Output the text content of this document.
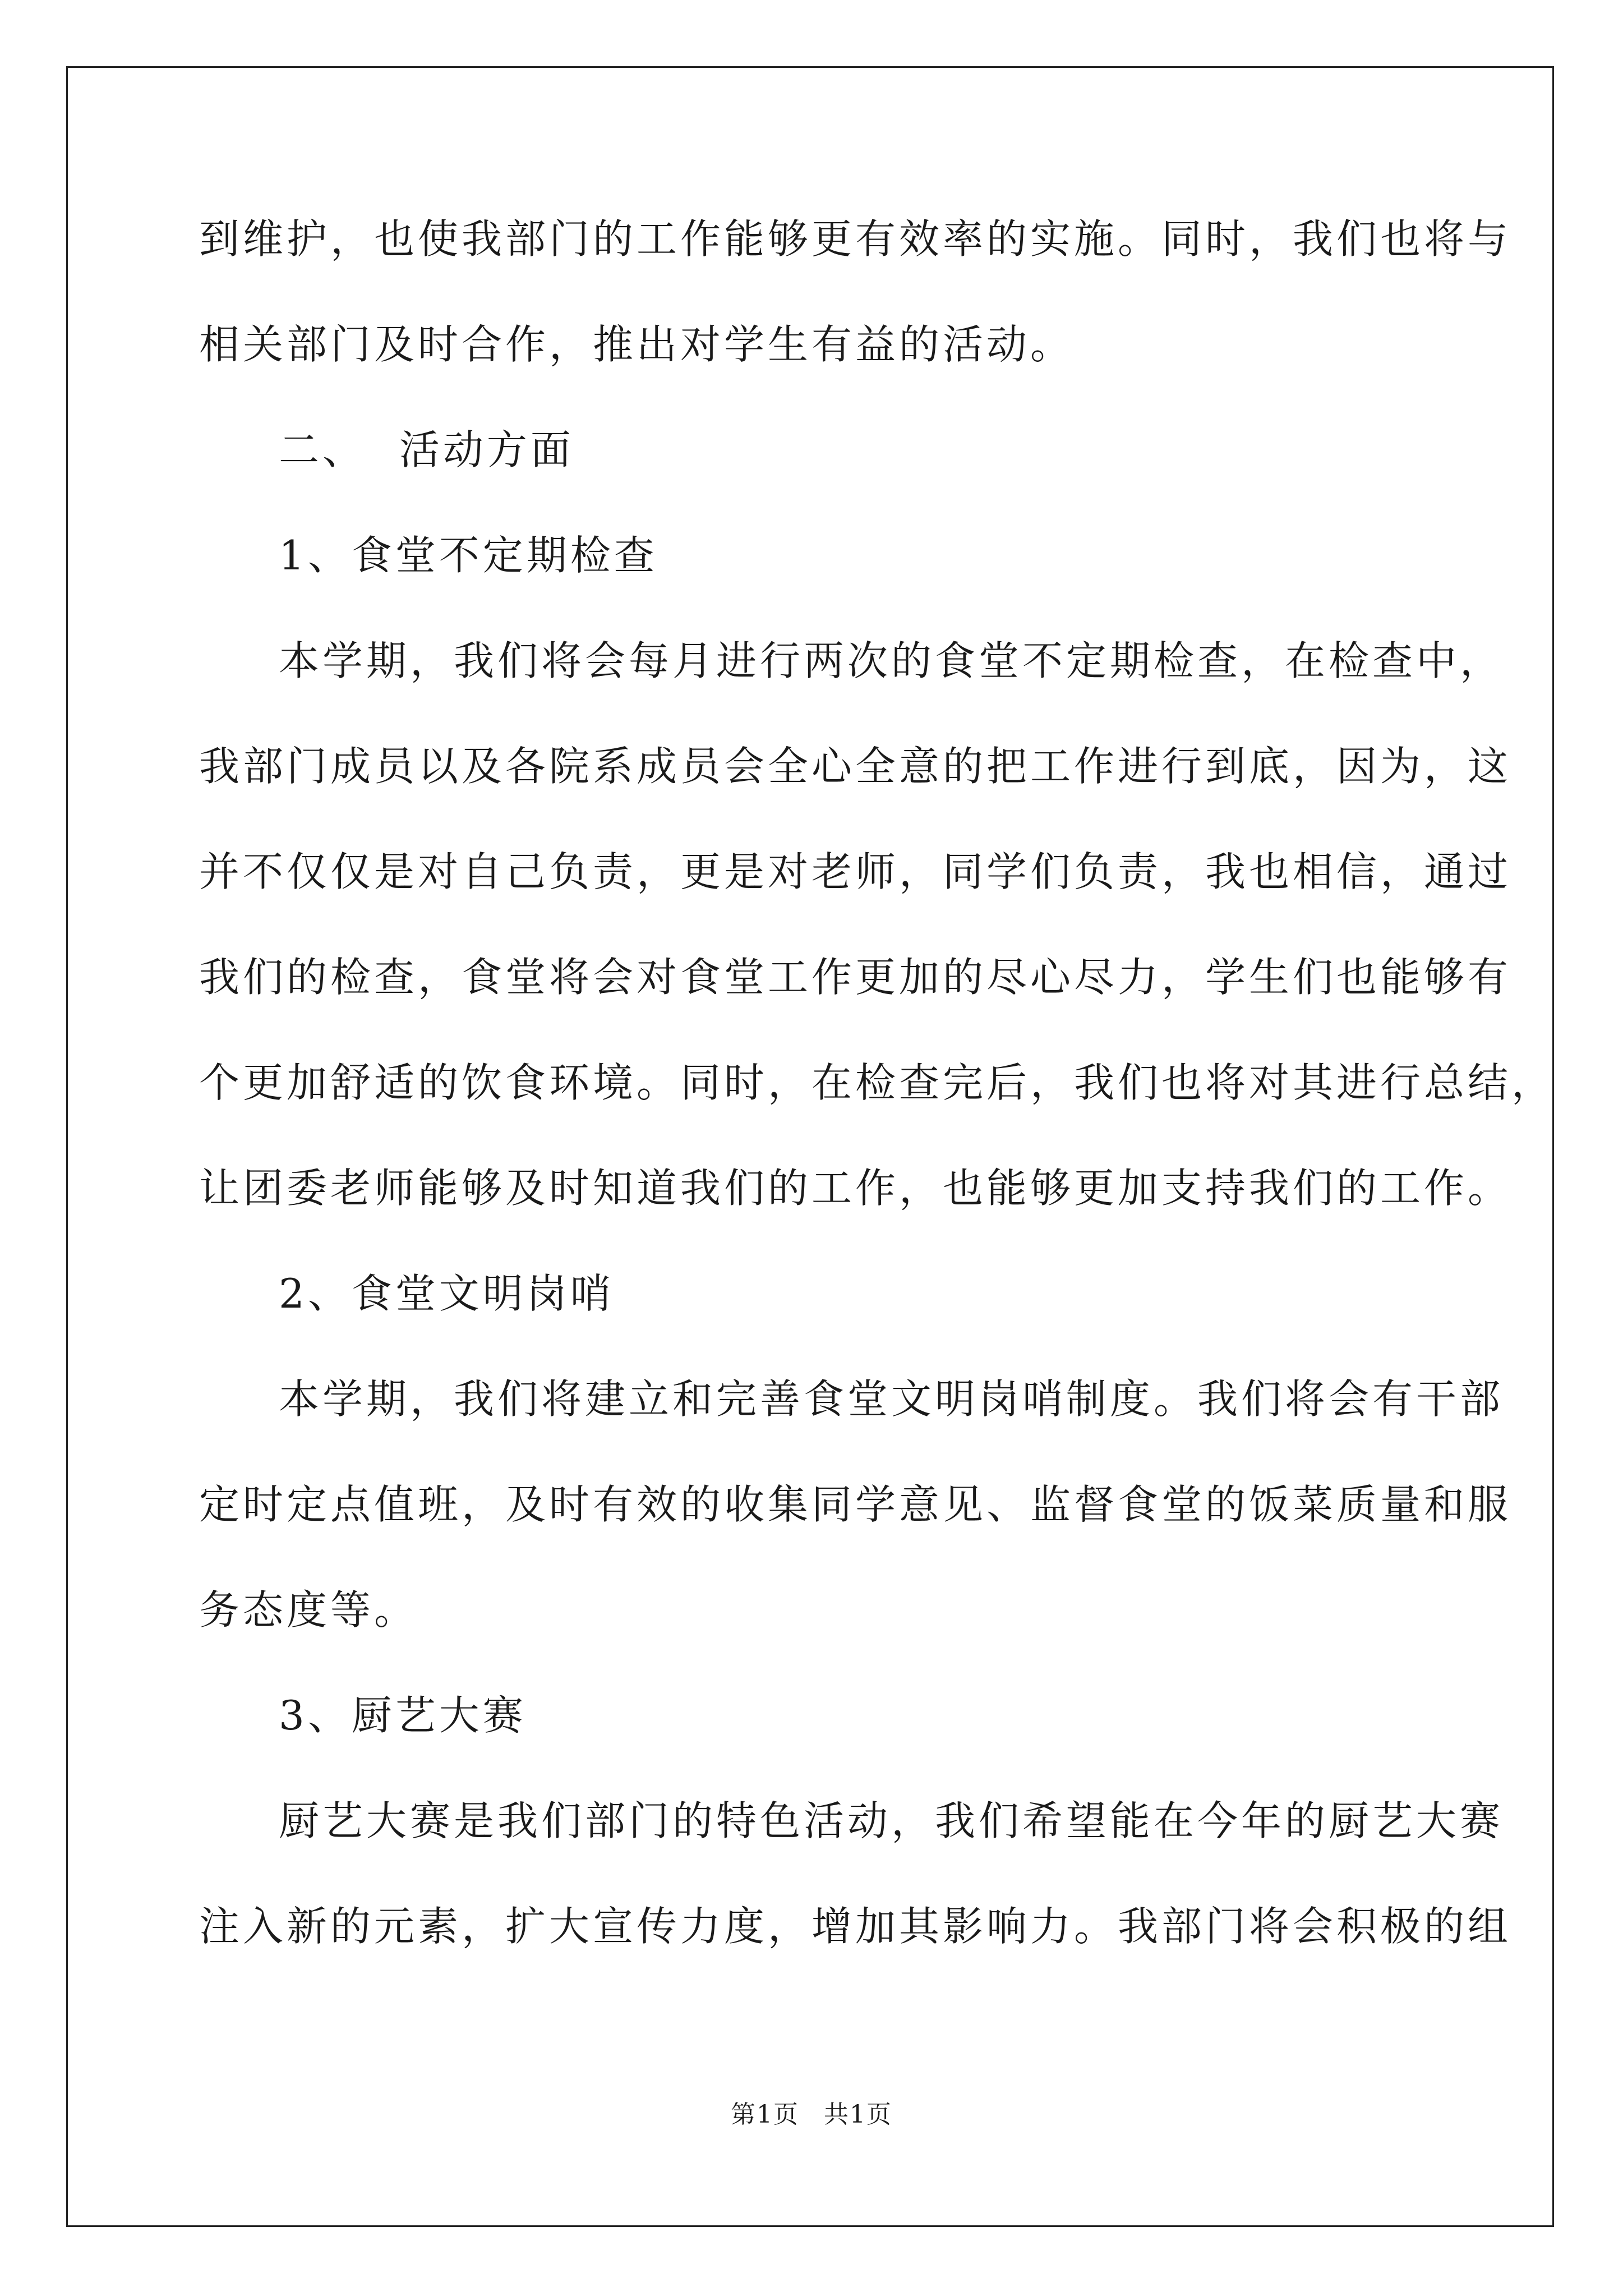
到维护，也使我部门的工作能够更有效率的实施。同时，我们也将与
相关部门及时合作，推出对学生有益的活动。
二、 活动方面
1、食堂不定期检查
本学期，我们将会每月进行两次的食堂不定期检查，在检查中，
我部门成员以及各院系成员会全心全意的把工作进行到底，因为，这
并不仅仅是对自己负责，更是对老师，同学们负责，我也相信，通过
我们的检查，食堂将会对食堂工作更加的尽心尽力，学生们也能够有
个更加舒适的饮食环境。同时，在检查完后，我们也将对其进行总结，
让团委老师能够及时知道我们的工作，也能够更加支持我们的工作。
2、食堂文明岗哨
本学期，我们将建立和完善食堂文明岗哨制度。我们将会有干部
定时定点值班，及时有效的收集同学意见、监督食堂的饭菜质量和服
务态度等。
3、厨艺大赛
厨艺大赛是我们部门的特色活动，我们希望能在今年的厨艺大赛
注入新的元素，扩大宣传力度，增加其影响力。我部门将会积极的组
第1页 共1页
